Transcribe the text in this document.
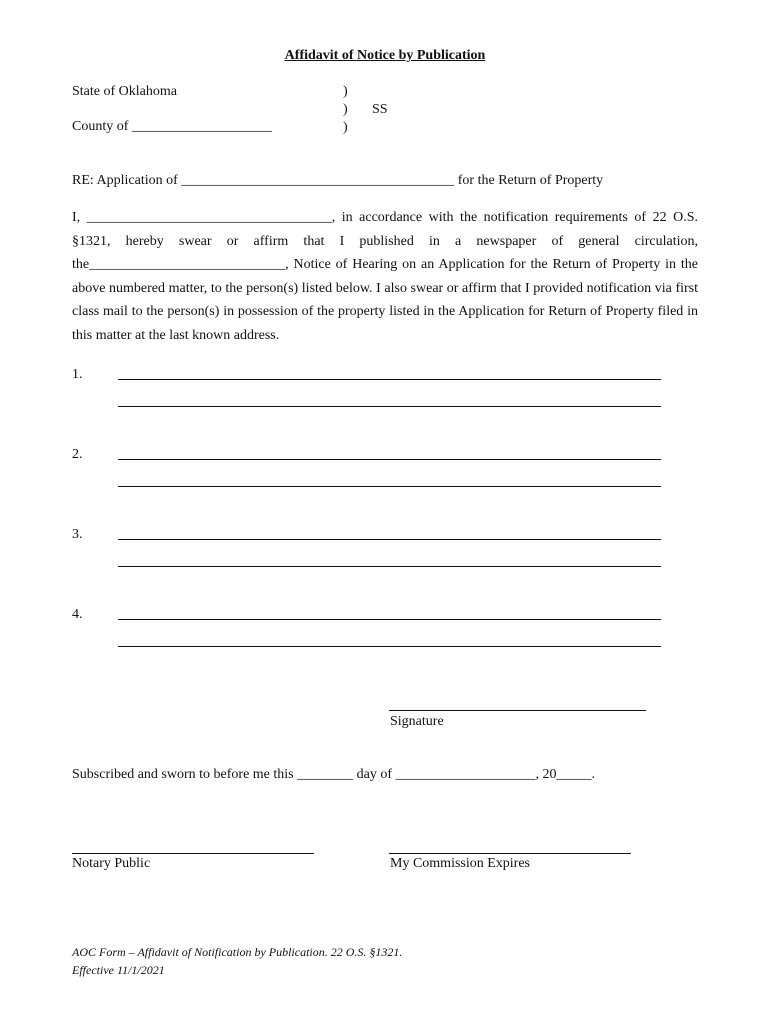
Affidavit of Notice by Publication
State of Oklahoma
County of ____________________
)
)
)
SS
RE: Application of _______________________________________ for the Return of Property
I, ___________________________________, in accordance with the notification requirements of 22 O.S. §1321, hereby swear or affirm that I published in a newspaper of general circulation, the____________________________, Notice of Hearing on an Application for the Return of Property in the above numbered matter, to the person(s) listed below. I also swear or affirm that I provided notification via first class mail to the person(s) in possession of the property listed in the Application for Return of Property filed in this matter at the last known address.
1.
2.
3.
4.
Signature
Subscribed and sworn to before me this ________ day of ____________________, 20_____.
Notary Public	My Commission Expires
AOC Form – Affidavit of Notification by Publication. 22 O.S. §1321.
Effective 11/1/2021
